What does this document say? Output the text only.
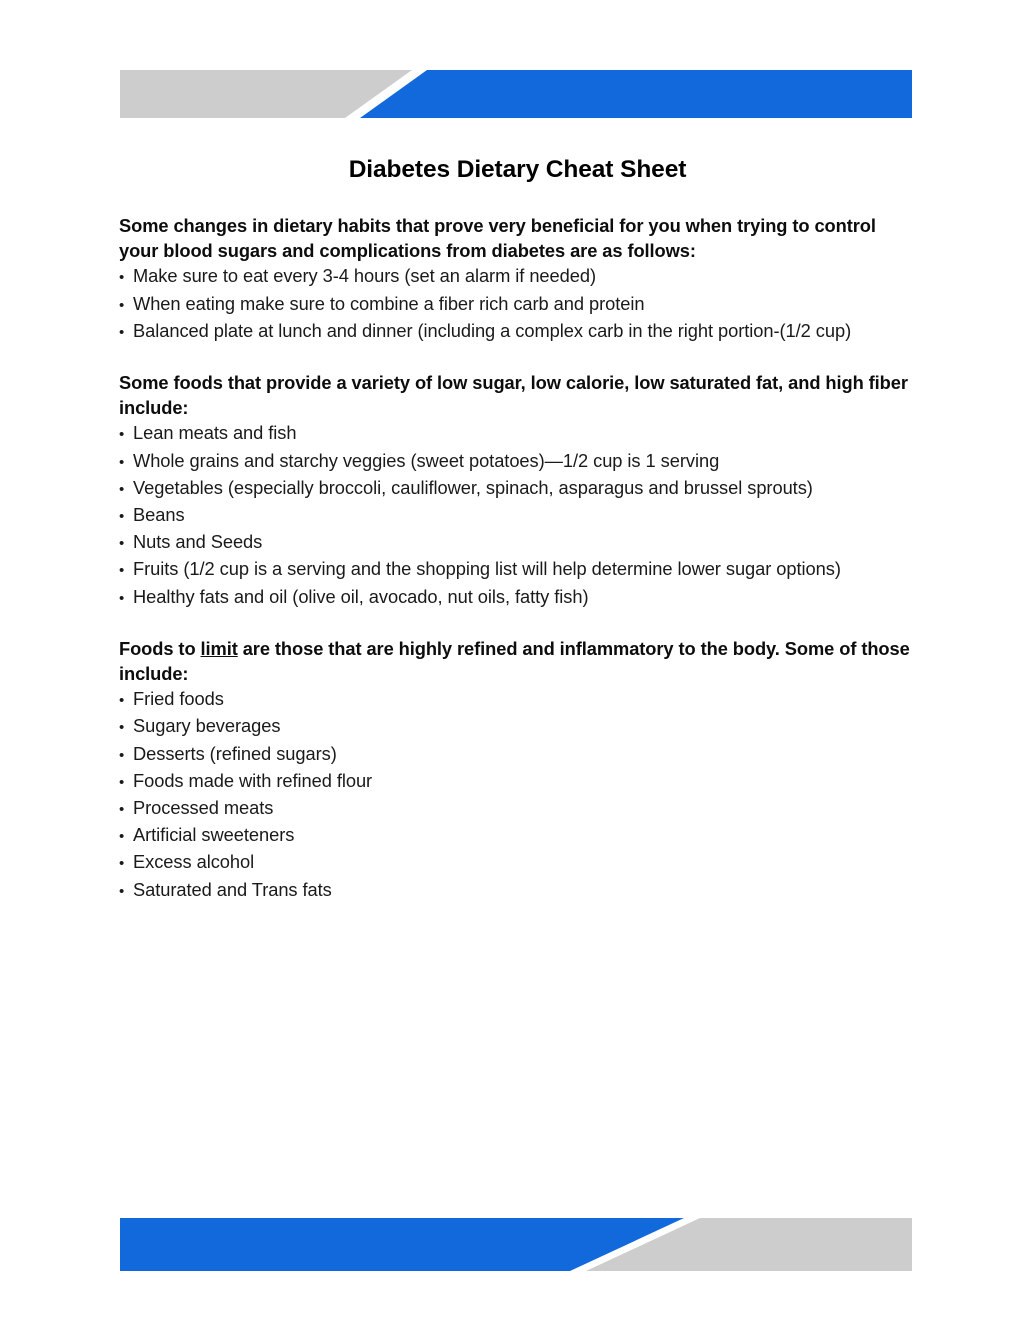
Diabetes Dietary Cheat Sheet

Some changes in dietary habits that prove very beneficial for you when trying to control your blood sugars and complications from diabetes are as follows:

• Make sure to eat every 3-4 hours (set an alarm if needed)
• When eating make sure to combine a fiber rich carb and protein
• Balanced plate at lunch and dinner (including a complex carb in the right portion-(1/2 cup)

Some foods that provide a variety of low sugar, low calorie, low saturated fat, and high fiber include:

• Lean meats and fish
• Whole grains and starchy veggies (sweet potatoes)—1/2 cup is 1 serving
• Vegetables (especially broccoli, cauliflower, spinach, asparagus and brussel sprouts)
• Beans
• Nuts and Seeds
• Fruits (1/2 cup is a serving and the shopping list will help determine lower sugar options)
• Healthy fats and oil (olive oil, avocado, nut oils, fatty fish)

Foods to limit are those that are highly refined and inflammatory to the body. Some of those include:

• Fried foods
• Sugary beverages
• Desserts (refined sugars)
• Foods made with refined flour
• Processed meats
• Artificial sweeteners
• Excess alcohol
• Saturated and Trans fats
